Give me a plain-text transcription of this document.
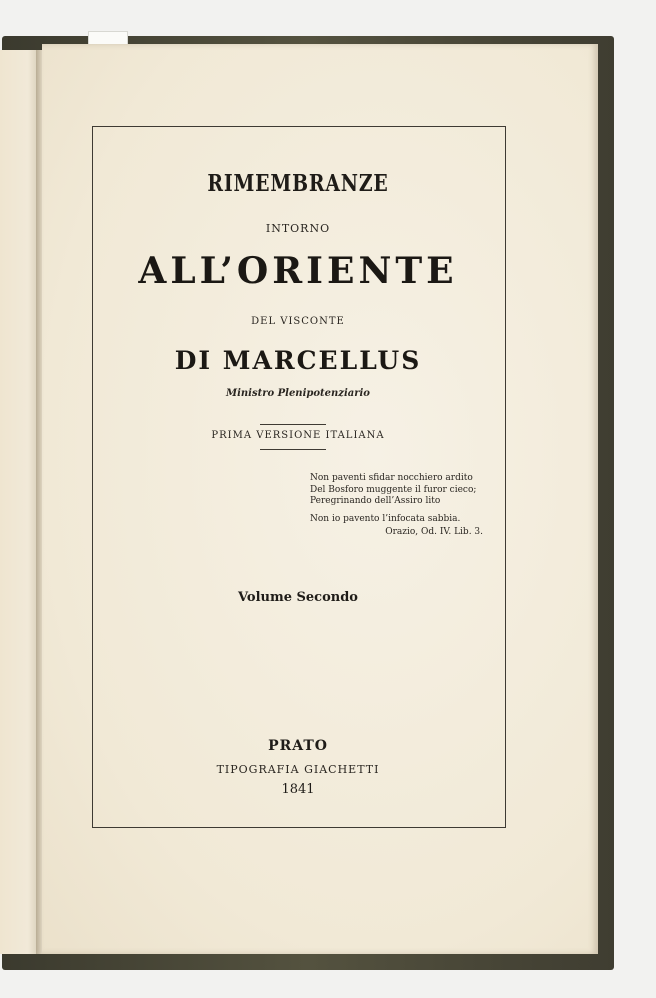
RIMEMBRANZE
INTORNO
ALL’ORIENTE
DEL VISCONTE
DI MARCELLUS
Ministro Plenipotenziario
PRIMA VERSIONE ITALIANA
Non paventi sfidar nocchiero ardito
Del Bosforo muggente il furor cieco;
Peregrinando dell’Assiro lito
Non io pavento l’infocata sabbia.
Orazio, Od. IV. Lib. 3.
Volume Secondo
PRATO
TIPOGRAFIA GIACHETTI
1841
